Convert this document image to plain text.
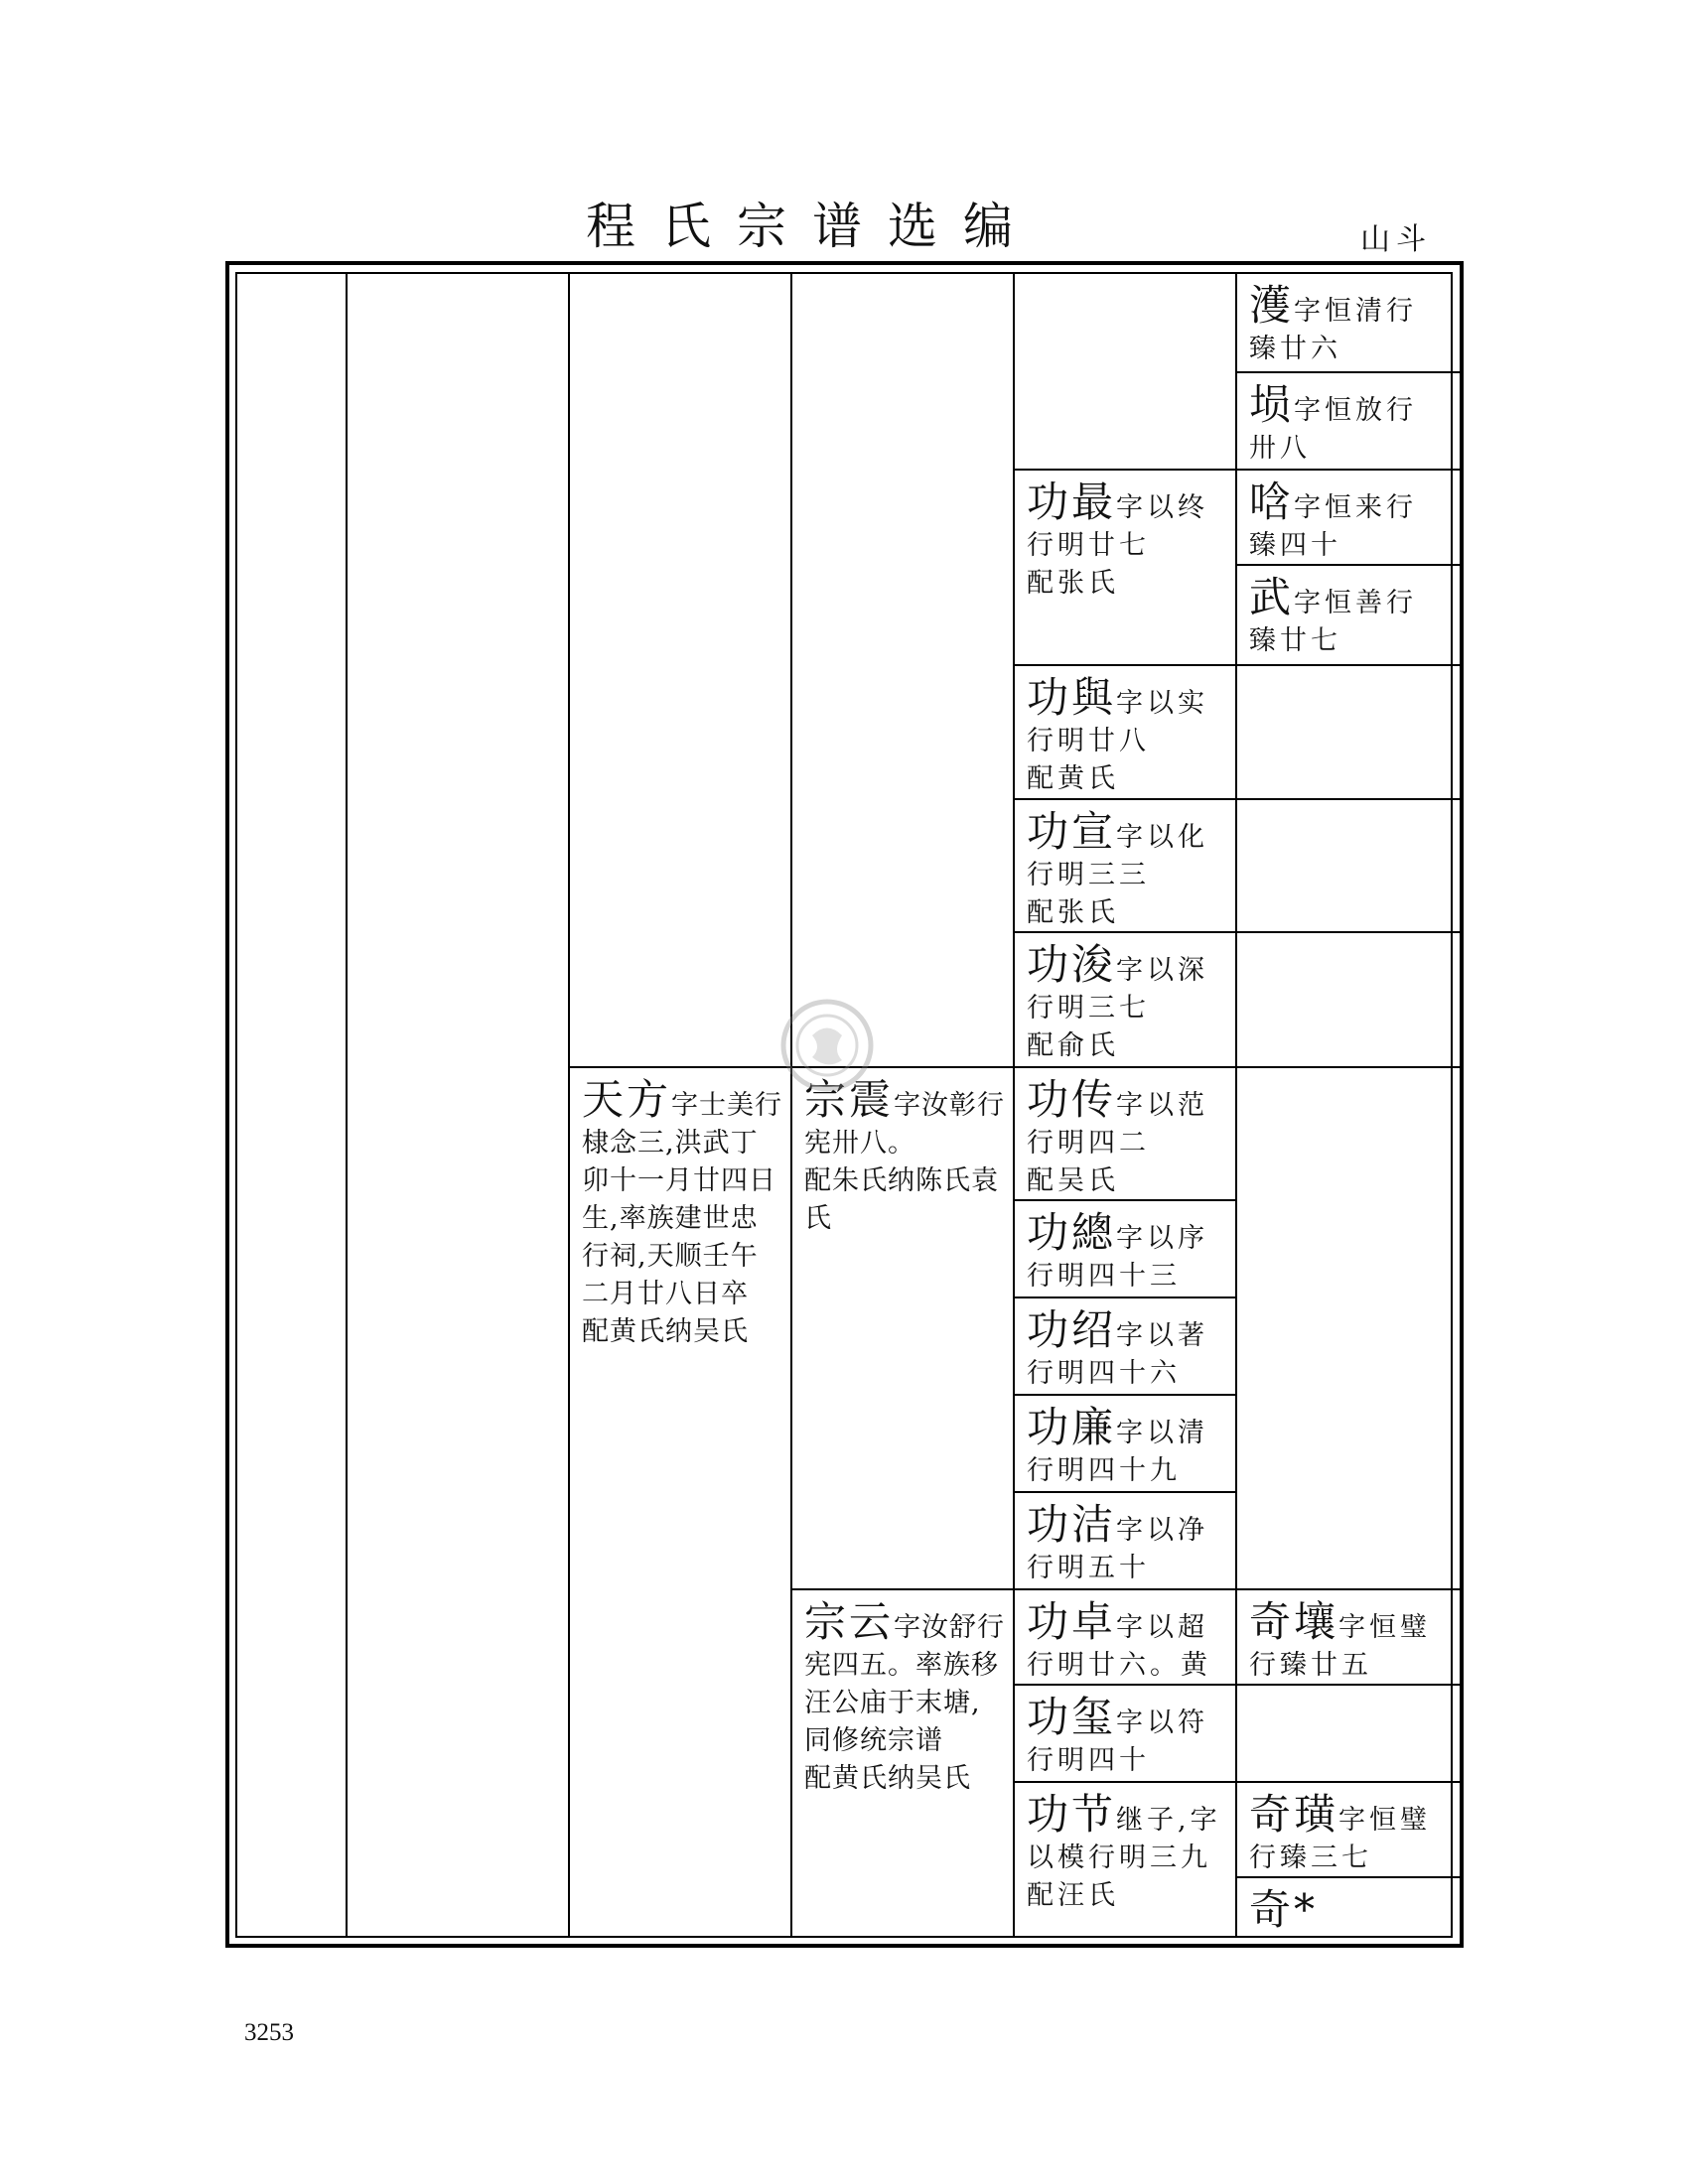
程氏宗谱选编	山斗
天方字士美行棣念三,洪武丁卯十一月廿四日生,率族建世忠行祠,天顺壬午二月廿八日卒
配黄氏纳吴氏
宗震字汝彰行宪卅八。
配朱氏纳陈氏袁氏
宗云字汝舒行宪四五。率族移汪公庙于末塘,同修统宗谱
配黄氏纳吴氏
功最字以终行明廿七
配张氏
功與字以实行明廿八
配黄氏
功宣字以化行明三三
配张氏
功浚字以深行明三七
配俞氏
功传字以范行明四二
配吴氏
功總字以序行明四十三
功绍字以著行明四十六
功廉字以清行明四十九
功洁字以净行明五十
功卓字以超行明廿六。黄
功玺字以符行明四十
功节继子,字以模行明三九
配汪氏
濩字恒清行臻廿六
埙字恒放行卅八
唅字恒来行臻四十
武字恒善行臻廿七
奇壤字恒璧行臻廿五
奇璜字恒璧行臻三七
奇*
3253
